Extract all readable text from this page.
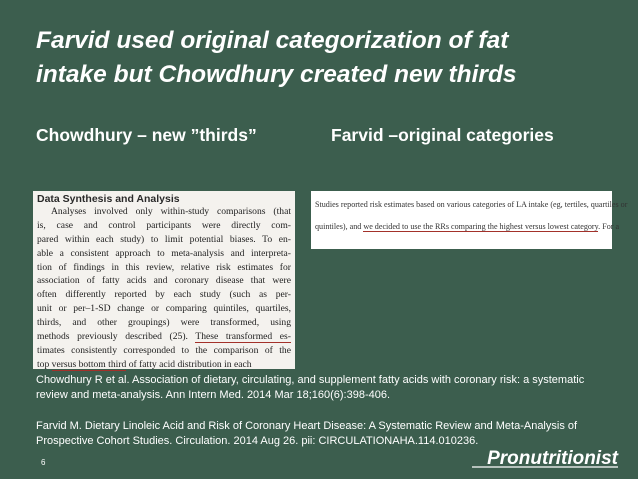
Farvid used original categorization of fat
intake but Chowdhury created new thirds
Chowdhury – new ”thirds”	Farvid –original categories
Data Synthesis and Analysis
Analyses involved only within-study comparisons (that
is, case and control participants were directly com-
pared within each study) to limit potential biases. To en-
able a consistent approach to meta-analysis and interpreta-
tion of findings in this review, relative risk estimates for
association of fatty acids and coronary disease that were
often differently reported by each study (such as per-
unit or per–1-SD change or comparing quintiles, quartiles,
thirds, and other groupings) were transformed, using
methods previously described (25). These transformed es-
timates consistently corresponded to the comparison of the
top versus bottom third of fatty acid distribution in each
Studies reported risk estimates based on various categories of LA intake (eg, tertiles, quartiles or
quintiles), and we decided to use the RRs comparing the highest versus lowest category. For a
Chowdhury R et al. Association of dietary, circulating, and supplement fatty acids with coronary risk: a systematic review and meta-analysis. Ann Intern Med. 2014 Mar 18;160(6):398-406.
Farvid M. Dietary Linoleic Acid and Risk of Coronary Heart Disease: A Systematic Review and Meta-Analysis of Prospective Cohort Studies. Circulation. 2014 Aug 26. pii: CIRCULATIONAHA.114.010236.
6	Pronutritionist
